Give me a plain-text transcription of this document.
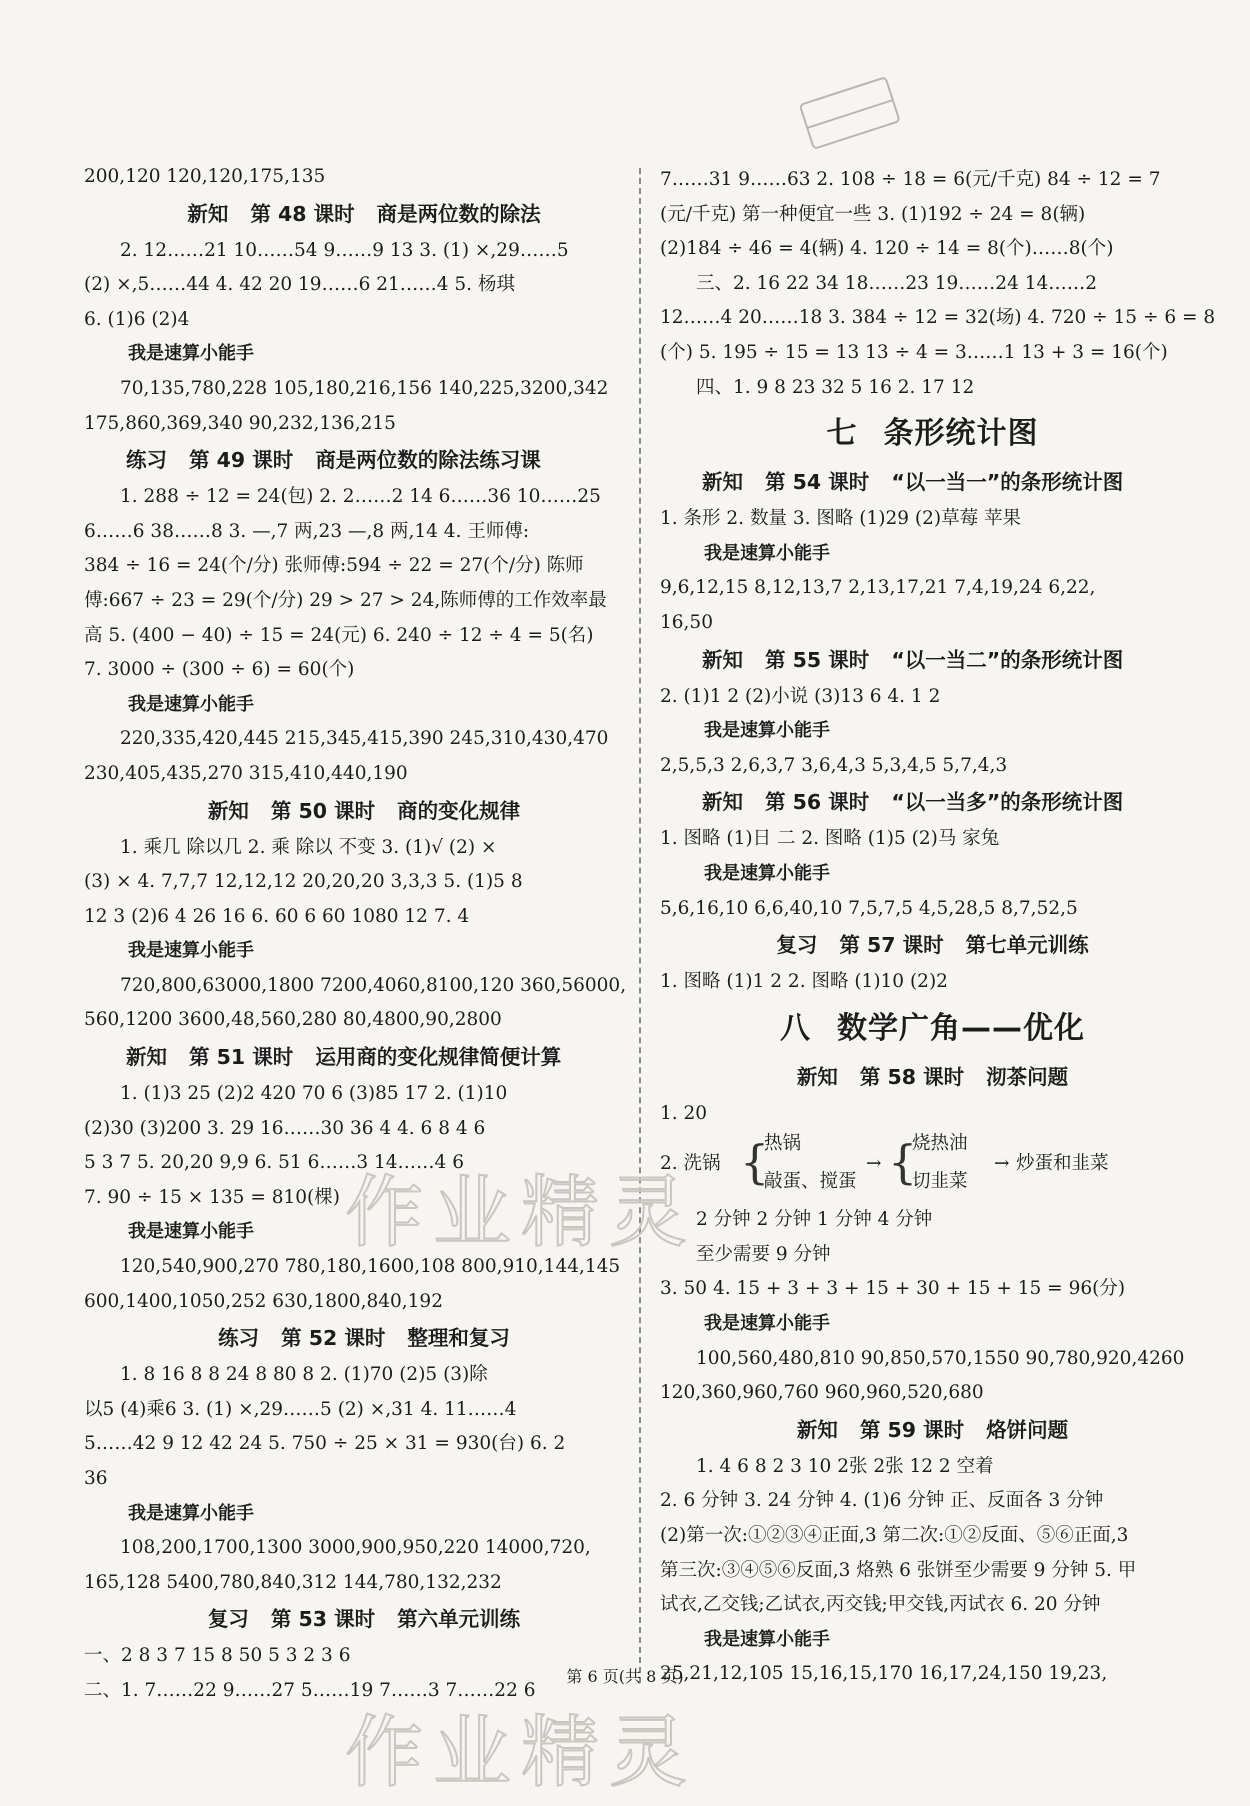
200,120 120,120,175,135
新知 第 48 课时 商是两位数的除法
2. 12……21 10……54 9……9 13 3. (1) ×,29……5
(2) ×,5……44 4. 42 20 19……6 21……4 5. 杨琪
6. (1)6 (2)4
我是速算小能手
70,135,780,228 105,180,216,156 140,225,3200,342
175,860,369,340 90,232,136,215
练习 第 49 课时 商是两位数的除法练习课
1. 288 ÷ 12 = 24(包) 2. 2……2 14 6……36 10……25
6……6 38……8 3. —,7 两,23 —,8 两,14 4. 王师傅:
384 ÷ 16 = 24(个/分) 张师傅:594 ÷ 22 = 27(个/分) 陈师
傅:667 ÷ 23 = 29(个/分) 29 > 27 > 24,陈师傅的工作效率最
高 5. (400 − 40) ÷ 15 = 24(元) 6. 240 ÷ 12 ÷ 4 = 5(名)
7. 3000 ÷ (300 ÷ 6) = 60(个)
我是速算小能手
220,335,420,445 215,345,415,390 245,310,430,470
230,405,435,270 315,410,440,190
新知 第 50 课时 商的变化规律
1. 乘几 除以几 2. 乘 除以 不变 3. (1)√ (2) ×
(3) × 4. 7,7,7 12,12,12 20,20,20 3,3,3 5. (1)5 8
12 3 (2)6 4 26 16 6. 60 6 60 1080 12 7. 4
我是速算小能手
720,800,63000,1800 7200,4060,8100,120 360,56000,
560,1200 3600,48,560,280 80,4800,90,2800
新知 第 51 课时 运用商的变化规律简便计算
1. (1)3 25 (2)2 420 70 6 (3)85 17 2. (1)10
(2)30 (3)200 3. 29 16……30 36 4 4. 6 8 4 6
5 3 7 5. 20,20 9,9 6. 51 6……3 14……4 6
7. 90 ÷ 15 × 135 = 810(棵)
我是速算小能手
120,540,900,270 780,180,1600,108 800,910,144,145
600,1400,1050,252 630,1800,840,192
练习 第 52 课时 整理和复习
1. 8 16 8 8 24 8 80 8 2. (1)70 (2)5 (3)除
以5 (4)乘6 3. (1) ×,29……5 (2) ×,31 4. 11……4
5……42 9 12 42 24 5. 750 ÷ 25 × 31 = 930(台) 6. 2
36
我是速算小能手
108,200,1700,1300 3000,900,950,220 14000,720,
165,128 5400,780,840,312 144,780,132,232
复习 第 53 课时 第六单元训练
一、2 8 3 7 15 8 50 5 3 2 3 6
二、1. 7……22 9……27 5……19 7……3 7……22 6
7……31 9……63 2. 108 ÷ 18 = 6(元/千克) 84 ÷ 12 = 7
(元/千克) 第一种便宜一些 3. (1)192 ÷ 24 = 8(辆)
(2)184 ÷ 46 = 4(辆) 4. 120 ÷ 14 = 8(个)……8(个)
三、2. 16 22 34 18……23 19……24 14……2
12……4 20……18 3. 384 ÷ 12 = 32(场) 4. 720 ÷ 15 ÷ 6 = 8
(个) 5. 195 ÷ 15 = 13 13 ÷ 4 = 3……1 13 + 3 = 16(个)
四、1. 9 8 23 32 5 16 2. 17 12
七 条形统计图
新知 第 54 课时 “以一当一”的条形统计图
1. 条形 2. 数量 3. 图略 (1)29 (2)草莓 苹果
我是速算小能手
9,6,12,15 8,12,13,7 2,13,17,21 7,4,19,24 6,22,
16,50
新知 第 55 课时 “以一当二”的条形统计图
2. (1)1 2 (2)小说 (3)13 6 4. 1 2
我是速算小能手
2,5,5,3 2,6,3,7 3,6,4,3 5,3,4,5 5,7,4,3
新知 第 56 课时 “以一当多”的条形统计图
1. 图略 (1)日 二 2. 图略 (1)5 (2)马 家兔
我是速算小能手
5,6,16,10 6,6,40,10 7,5,7,5 4,5,28,5 8,7,52,5
复习 第 57 课时 第七单元训练
1. 图略 (1)1 2 2. 图略 (1)10 (2)2
八 数学广角——优化
新知 第 58 课时 沏茶问题
1. 20
2. 洗锅 {
热锅
敲蛋、搅蛋
→ {
烧热油
切韭菜
→ 炒蛋和韭菜
2 分钟 2 分钟 1 分钟 4 分钟
至少需要 9 分钟
3. 50 4. 15 + 3 + 3 + 15 + 30 + 15 + 15 = 96(分)
我是速算小能手
100,560,480,810 90,850,570,1550 90,780,920,4260
120,360,960,760 960,960,520,680
新知 第 59 课时 烙饼问题
1. 4 6 8 2 3 10 2张 2张 12 2 空着
2. 6 分钟 3. 24 分钟 4. (1)6 分钟 正、反面各 3 分钟
(2)第一次:①②③④正面,3 第二次:①②反面、⑤⑥正面,3
第三次:③④⑤⑥反面,3 烙熟 6 张饼至少需要 9 分钟 5. 甲
试衣,乙交钱;乙试衣,丙交钱;甲交钱,丙试衣 6. 20 分钟
我是速算小能手
25,21,12,105 15,16,15,170 16,17,24,150 19,23,
作业精灵
作业精灵
第 6 页(共 8 页)
